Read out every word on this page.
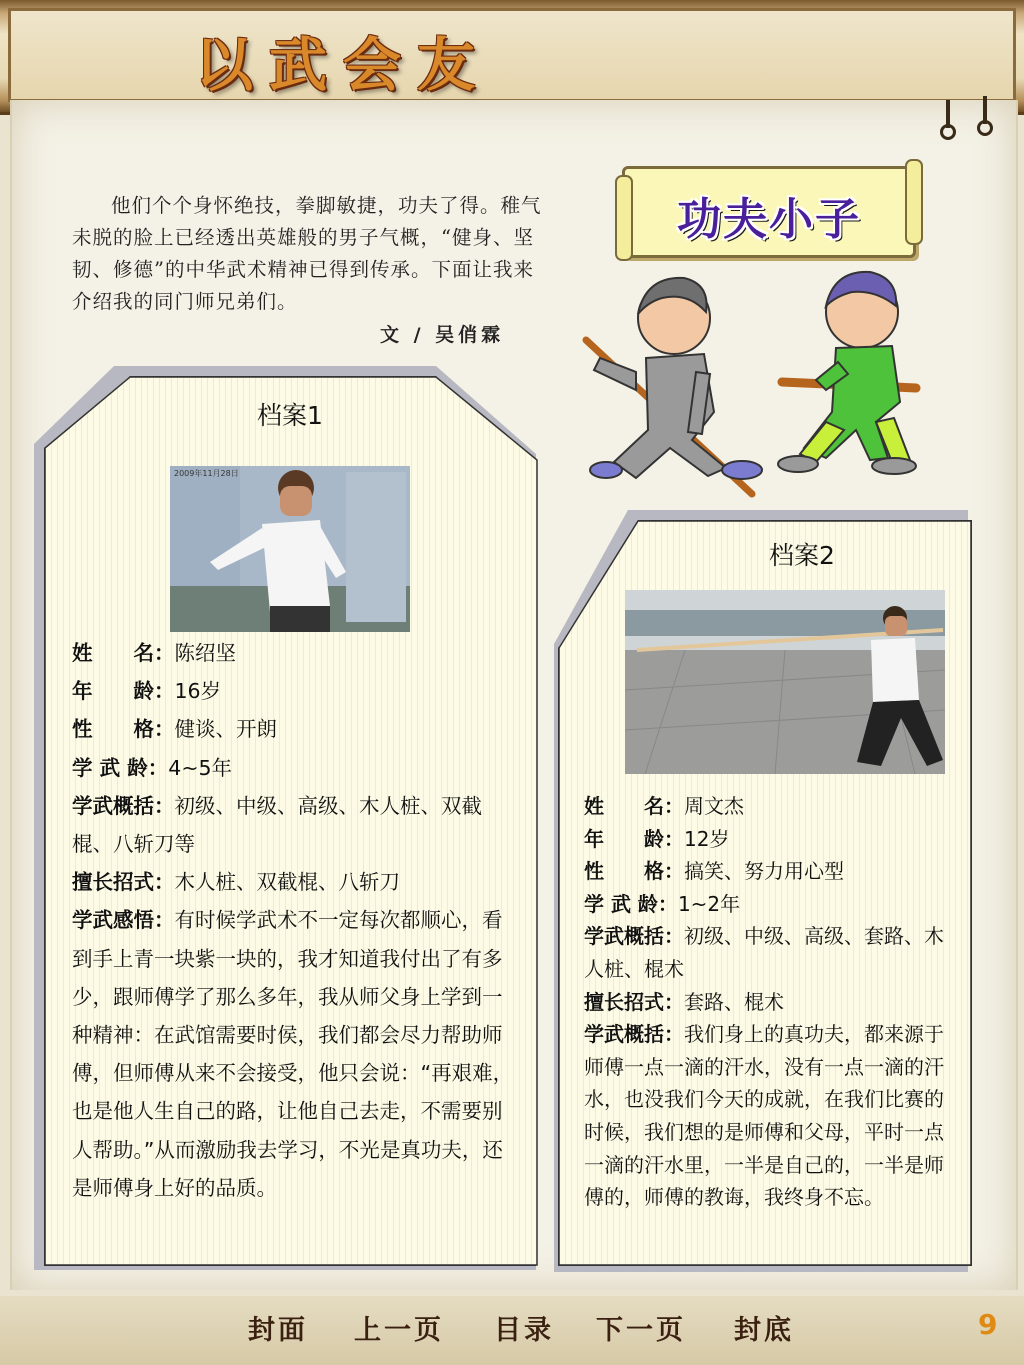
以武会友
他们个个身怀绝技，拳脚敏捷，功夫了得。稚气未脱的脸上已经透出英雄般的男子气概，“健身、坚韧、修德”的中华武术精神已得到传承。下面让我来介绍我的同门师兄弟们。
文 / 吴俏霖
功夫小子
档案1
2009年11月28日

姓　　名：陈绍坚

年　　龄：16岁

性　　格：健谈、开朗

学 武 龄：4~5年

学武概括：初级、中级、高级、木人桩、双截棍、八斩刀等

擅长招式：木人桩、双截棍、八斩刀

学武感悟：有时候学武术不一定每次都顺心，看到手上青一块紫一块的，我才知道我付出了有多少，跟师傅学了那么多年，我从师父身上学到一种精神：在武馆需要时侯，我们都会尽力帮助师傅，但师傅从来不会接受，他只会说：“再艰难，也是他人生自己的路，让他自己去走，不需要别人帮助。”从而激励我去学习，不光是真功夫，还是师傅身上好的品质。

档案2

姓　　名：周文杰

年　　龄：12岁

性　　格：搞笑、努力用心型

学 武 龄：1~2年

学武概括：初级、中级、高级、套路、木人桩、棍术

擅长招式：套路、棍术

学武概括：我们身上的真功夫，都来源于师傅一点一滴的汗水，没有一点一滴的汗水，也没我们今天的成就，在我们比赛的时候，我们想的是师傅和父母，平时一点一滴的汗水里，一半是自己的，一半是师傅的，师傅的教诲，我终身不忘。

封面 上一页 目录 下一页 封底	9
